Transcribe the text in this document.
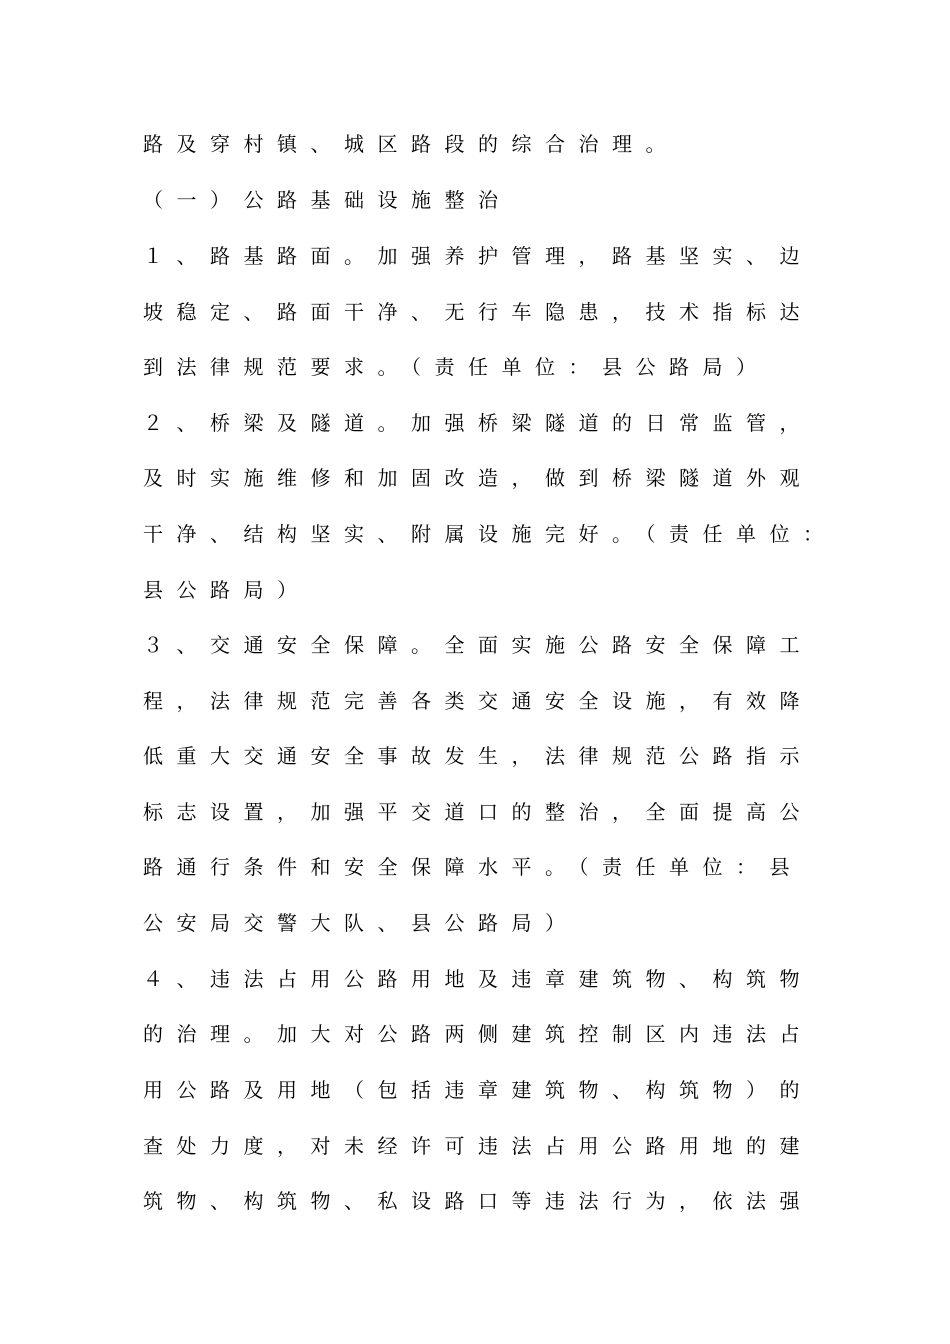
路及穿村镇、城区路段的综合治理。
（一）公路基础设施整治
１、路基路面。加强养护管理，路基坚实、边
坡稳定、路面干净、无行车隐患，技术指标达
到法律规范要求。（责任单位：县公路局）
２、桥梁及隧道。加强桥梁隧道的日常监管，
及时实施维修和加固改造，做到桥梁隧道外观
干净、结构坚实、附属设施完好。（责任单位：
县公路局）
３、交通安全保障。全面实施公路安全保障工
程，法律规范完善各类交通安全设施，有效降
低重大交通安全事故发生，法律规范公路指示
标志设置，加强平交道口的整治，全面提高公
路通行条件和安全保障水平。（责任单位：县
公安局交警大队、县公路局）
４、违法占用公路用地及违章建筑物、构筑物
的治理。加大对公路两侧建筑控制区内违法占
用公路及用地（包括违章建筑物、构筑物）的
查处力度，对未经许可违法占用公路用地的建
筑物、构筑物、私设路口等违法行为，依法强
